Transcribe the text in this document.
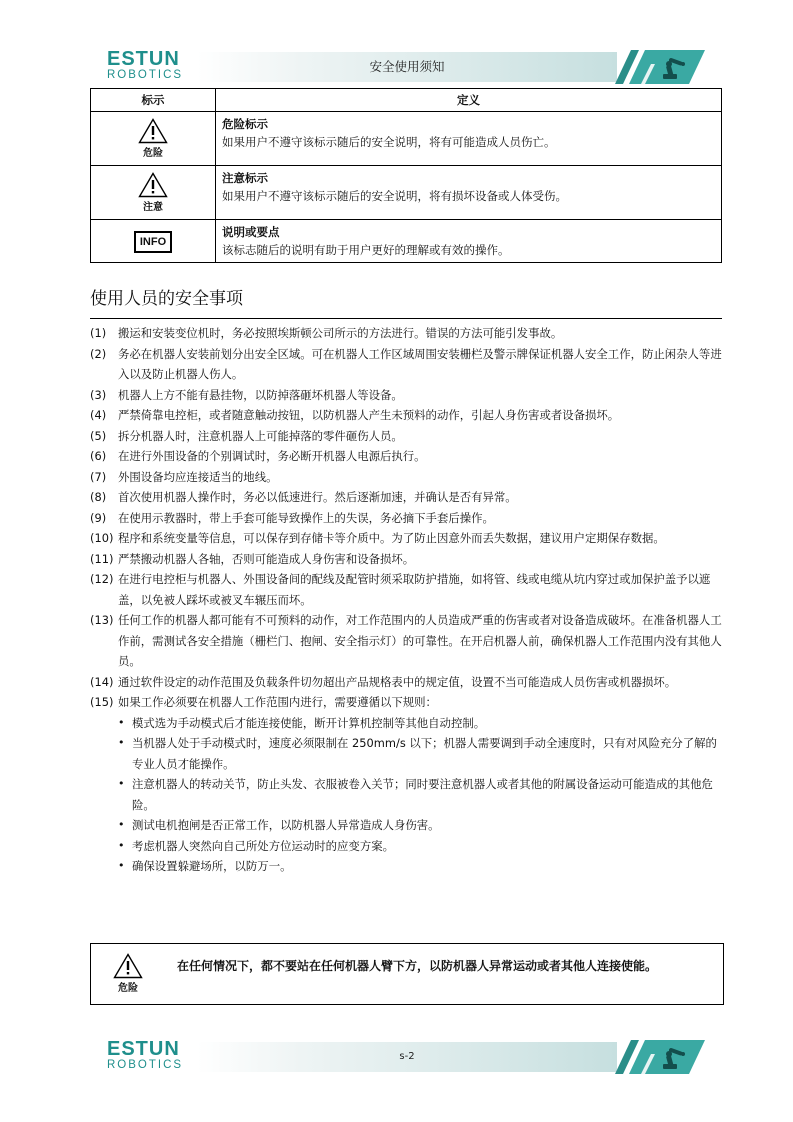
ESTUN
ROBOTICS
安全使用须知
标示	定义

危险	危险标示
如果用户不遵守该标示随后的安全说明，将有可能造成人员伤亡。

注意	注意标示
如果用户不遵守该标示随后的安全说明，将有损坏设备或人体受伤。

INFO	说明或要点
该标志随后的说明有助于用户更好的理解或有效的操作。
使用人员的安全事项
(1)	搬运和安装变位机时，务必按照埃斯顿公司所示的方法进行。错误的方法可能引发事故。
(2)	务必在机器人安装前划分出安全区域。可在机器人工作区域周围安装栅栏及警示牌保证机器人安全工作，防止闲杂人等进入以及防止机器人伤人。
(3)	机器人上方不能有悬挂物，以防掉落砸坏机器人等设备。
(4)	严禁倚靠电控柜，或者随意触动按钮，以防机器人产生未预料的动作，引起人身伤害或者设备损坏。
(5)	拆分机器人时，注意机器人上可能掉落的零件砸伤人员。
(6)	在进行外围设备的个别调试时，务必断开机器人电源后执行。
(7)	外围设备均应连接适当的地线。
(8)	首次使用机器人操作时，务必以低速进行。然后逐渐加速，并确认是否有异常。
(9)	在使用示教器时，带上手套可能导致操作上的失误，务必摘下手套后操作。
(10) 程序和系统变量等信息，可以保存到存储卡等介质中。为了防止因意外而丢失数据，建议用户定期保存数据。
(11) 严禁搬动机器人各轴，否则可能造成人身伤害和设备损坏。
(12) 在进行电控柜与机器人、外围设备间的配线及配管时须采取防护措施，如将管、线或电缆从坑内穿过或加保护盖予以遮盖，以免被人踩坏或被叉车辗压而坏。
(13) 任何工作的机器人都可能有不可预料的动作，对工作范围内的人员造成严重的伤害或者对设备造成破坏。在准备机器人工作前，需测试各安全措施（栅栏门、抱闸、安全指示灯）的可靠性。在开启机器人前，确保机器人工作范围内没有其他人员。
(14) 通过软件设定的动作范围及负载条件切勿超出产品规格表中的规定值，设置不当可能造成人员伤害或机器损坏。
(15) 如果工作必须要在机器人工作范围内进行，需要遵循以下规则：
• 模式选为手动模式后才能连接使能，断开计算机控制等其他自动控制。
• 当机器人处于手动模式时，速度必须限制在 250mm/s 以下；机器人需要调到手动全速度时，只有对风险充分了解的专业人员才能操作。
• 注意机器人的转动关节，防止头发、衣服被卷入关节；同时要注意机器人或者其他的附属设备运动可能造成的其他危险。
• 测试电机抱闸是否正常工作，以防机器人异常造成人身伤害。
• 考虑机器人突然向自己所处方位运动时的应变方案。
• 确保设置躲避场所，以防万一。
危险
在任何情况下，都不要站在任何机器人臂下方，以防机器人异常运动或者其他人连接使能。
ESTUN
ROBOTICS
s-2
